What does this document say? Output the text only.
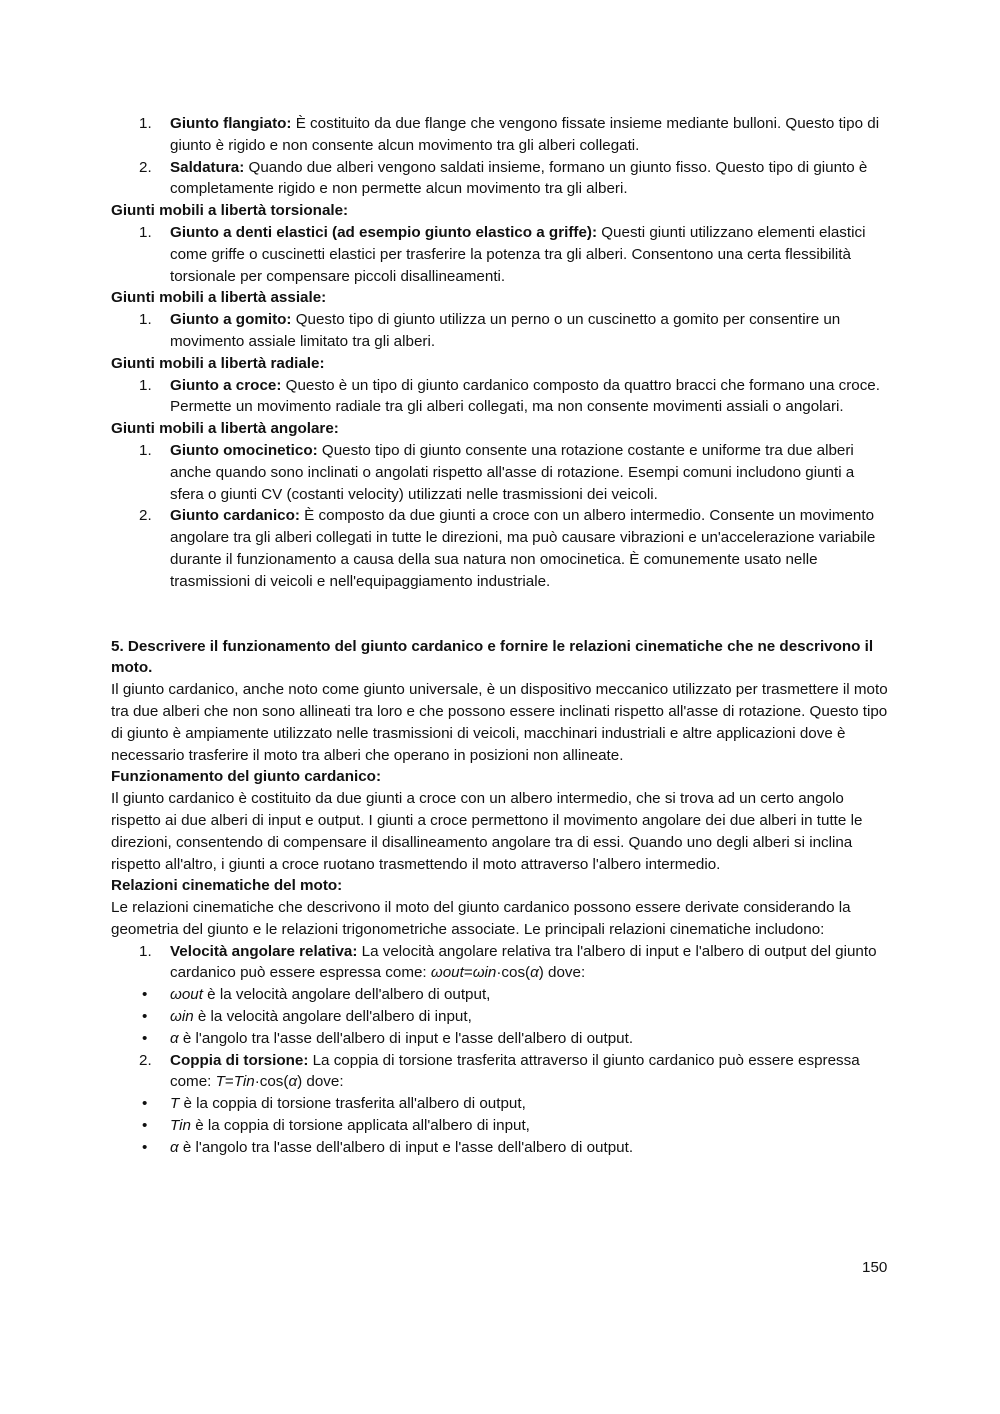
1. Giunto flangiato: È costituito da due flange che vengono fissate insieme mediante bulloni. Questo tipo di giunto è rigido e non consente alcun movimento tra gli alberi collegati.
2. Saldatura: Quando due alberi vengono saldati insieme, formano un giunto fisso. Questo tipo di giunto è completamente rigido e non permette alcun movimento tra gli alberi.
Giunti mobili a libertà torsionale:
1. Giunto a denti elastici (ad esempio giunto elastico a griffe): Questi giunti utilizzano elementi elastici come griffe o cuscinetti elastici per trasferire la potenza tra gli alberi. Consentono una certa flessibilità torsionale per compensare piccoli disallineamenti.
Giunti mobili a libertà assiale:
1. Giunto a gomito: Questo tipo di giunto utilizza un perno o un cuscinetto a gomito per consentire un movimento assiale limitato tra gli alberi.
Giunti mobili a libertà radiale:
1. Giunto a croce: Questo è un tipo di giunto cardanico composto da quattro bracci che formano una croce. Permette un movimento radiale tra gli alberi collegati, ma non consente movimenti assiali o angolari.
Giunti mobili a libertà angolare:
1. Giunto omocinetico: Questo tipo di giunto consente una rotazione costante e uniforme tra due alberi anche quando sono inclinati o angolati rispetto all'asse di rotazione. Esempi comuni includono giunti a sfera o giunti CV (costanti velocity) utilizzati nelle trasmissioni dei veicoli.
2. Giunto cardanico: È composto da due giunti a croce con un albero intermedio. Consente un movimento angolare tra gli alberi collegati in tutte le direzioni, ma può causare vibrazioni e un'accelerazione variabile durante il funzionamento a causa della sua natura non omocinetica. È comunemente usato nelle trasmissioni di veicoli e nell'equipaggiamento industriale.
5. Descrivere il funzionamento del giunto cardanico e fornire le relazioni cinematiche che ne descrivono il moto.
Il giunto cardanico, anche noto come giunto universale, è un dispositivo meccanico utilizzato per trasmettere il moto tra due alberi che non sono allineati tra loro e che possono essere inclinati rispetto all'asse di rotazione. Questo tipo di giunto è ampiamente utilizzato nelle trasmissioni di veicoli, macchinari industriali e altre applicazioni dove è necessario trasferire il moto tra alberi che operano in posizioni non allineate.
Funzionamento del giunto cardanico:
Il giunto cardanico è costituito da due giunti a croce con un albero intermedio, che si trova ad un certo angolo rispetto ai due alberi di input e output. I giunti a croce permettono il movimento angolare dei due alberi in tutte le direzioni, consentendo di compensare il disallineamento angolare tra di essi. Quando uno degli alberi si inclina rispetto all'altro, i giunti a croce ruotano trasmettendo il moto attraverso l'albero intermedio.
Relazioni cinematiche del moto:
Le relazioni cinematiche che descrivono il moto del giunto cardanico possono essere derivate considerando la geometria del giunto e le relazioni trigonometriche associate. Le principali relazioni cinematiche includono:
1. Velocità angolare relativa: La velocità angolare relativa tra l'albero di input e l'albero di output del giunto cardanico può essere espressa come: ωout=ωin·cos(α) dove:
• ωout è la velocità angolare dell'albero di output,
• ωin è la velocità angolare dell'albero di input,
• α è l'angolo tra l'asse dell'albero di input e l'asse dell'albero di output.
2. Coppia di torsione: La coppia di torsione trasferita attraverso il giunto cardanico può essere espressa come: T=Tin·cos(α) dove:
• T è la coppia di torsione trasferita all'albero di output,
• Tin è la coppia di torsione applicata all'albero di input,
• α è l'angolo tra l'asse dell'albero di input e l'asse dell'albero di output.
150
